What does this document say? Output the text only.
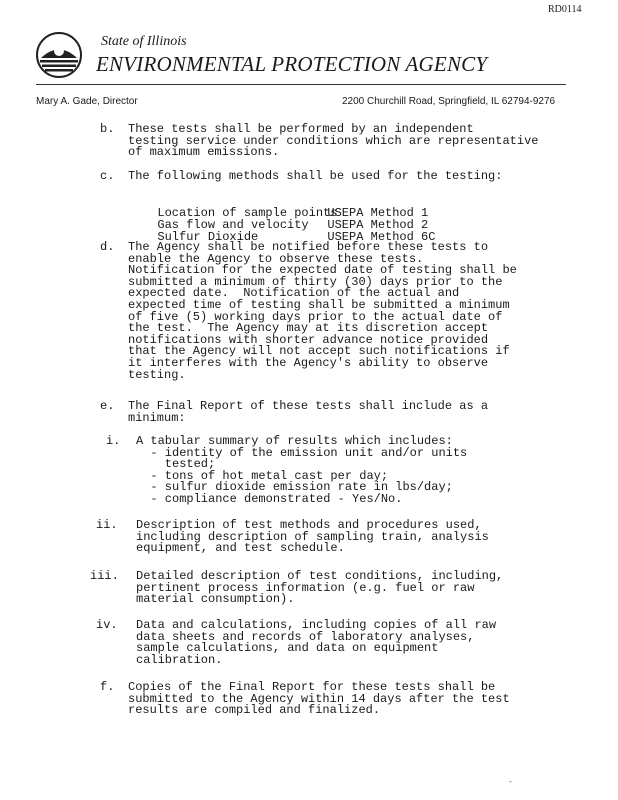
RD0114
State of Illinois
ENVIRONMENTAL PROTECTION AGENCY
Mary A. Gade, Director	2200 Churchill Road, Springfield, IL 62794-9276
b. These tests shall be performed by an independent
testing service under conditions which are representative
of maximum emissions.
c. The following methods shall be used for the testing:

Location of sample pointsUSEPA Method 1

Gas flow and velocity USEPA Method 2

Sulfur Dioxide	USEPA Method 6C

d. The Agency shall be notified before these tests to
enable the Agency to observe these tests.
Notification for the expected date of testing shall be
submitted a minimum of thirty (30) days prior to the
expected date.  Notification of the actual and
expected time of testing shall be submitted a minimum
of five (5) working days prior to the actual date of
the test.  The Agency may at its discretion accept
notifications with shorter advance notice provided
that the Agency will not accept such notifications if
it interferes with the Agency's ability to observe
testing.
e. The Final Report of these tests shall include as a
minimum:
i. A tabular summary of results which includes:
- identity of the emission unit and/or units
tested;
- tons of hot metal cast per day;
- sulfur dioxide emission rate in lbs/day;
- compliance demonstrated - Yes/No.
ii. Description of test methods and procedures used,
including description of sampling train, analysis
equipment, and test schedule.
iii. Detailed description of test conditions, including,
pertinent process information (e.g. fuel or raw
material consumption).
iv. Data and calculations, including copies of all raw
data sheets and records of laboratory analyses,
sample calculations, and data on equipment
calibration.
f. Copies of the Final Report for these tests shall be
submitted to the Agency within 14 days after the test
results are compiled and finalized.
-
